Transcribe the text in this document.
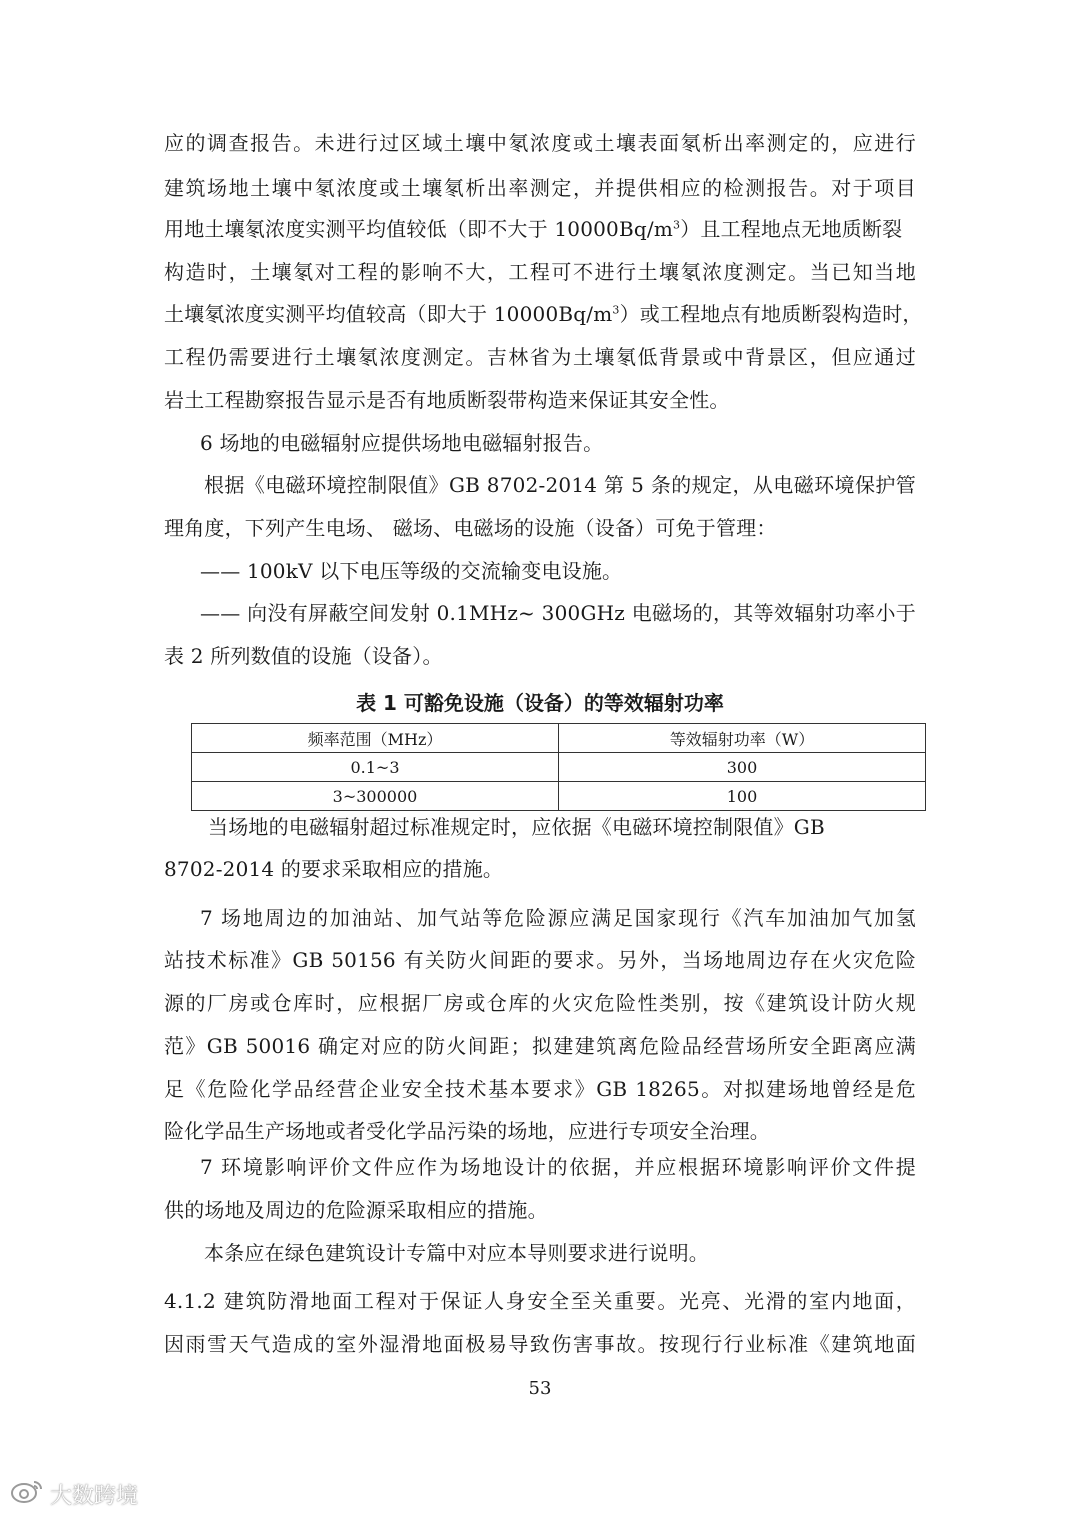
应的调查报告。未进行过区域土壤中氡浓度或土壤表面氡析出率测定的，应进行
建筑场地土壤中氡浓度或土壤氡析出率测定，并提供相应的检测报告。对于项目
用地土壤氡浓度实测平均值较低（即不大于 $10000Bq/m^3$）且工程地点无地质断裂
构造时，土壤氡对工程的影响不大，工程可不进行土壤氡浓度测定。当已知当地
土壤氡浓度实测平均值较高（即大于 $10000Bq/m^3$）或工程地点有地质断裂构造时，
工程仍需要进行土壤氡浓度测定。吉林省为土壤氡低背景或中背景区，但应通过
岩土工程勘察报告显示是否有地质断裂带构造来保证其安全性。
6 场地的电磁辐射应提供场地电磁辐射报告。
根据《电磁环境控制限值》GB 8702-2014 第 5 条的规定，从电磁环境保护管
理角度，下列产生电场、 磁场、电磁场的设施（设备）可免于管理：
—— 100kV 以下电压等级的交流输变电设施。
—— 向没有屏蔽空间发射 0.1MHz~ 300GHz 电磁场的，其等效辐射功率小于
表 2 所列数值的设施（设备）。
表 1 可豁免设施（设备）的等效辐射功率
频率范围（MHz）	等效辐射功率（W）
0.1~3	300
3~300000	100
当场地的电磁辐射超过标准规定时，应依据《电磁环境控制限值》GB
8702-2014 的要求采取相应的措施。
7 场地周边的加油站、加气站等危险源应满足国家现行《汽车加油加气加氢
站技术标准》GB 50156 有关防火间距的要求。另外，当场地周边存在火灾危险
源的厂房或仓库时，应根据厂房或仓库的火灾危险性类别，按《建筑设计防火规
范》GB 50016 确定对应的防火间距；拟建建筑离危险品经营场所安全距离应满
足《危险化学品经营企业安全技术基本要求》GB 18265。对拟建场地曾经是危
险化学品生产场地或者受化学品污染的场地，应进行专项安全治理。
7 环境影响评价文件应作为场地设计的依据，并应根据环境影响评价文件提
供的场地及周边的危险源采取相应的措施。
本条应在绿色建筑设计专篇中对应本导则要求进行说明。
4.1.2 建筑防滑地面工程对于保证人身安全至关重要。光亮、光滑的室内地面，
因雨雪天气造成的室外湿滑地面极易导致伤害事故。按现行行业标准《建筑地面
53
大数跨境
